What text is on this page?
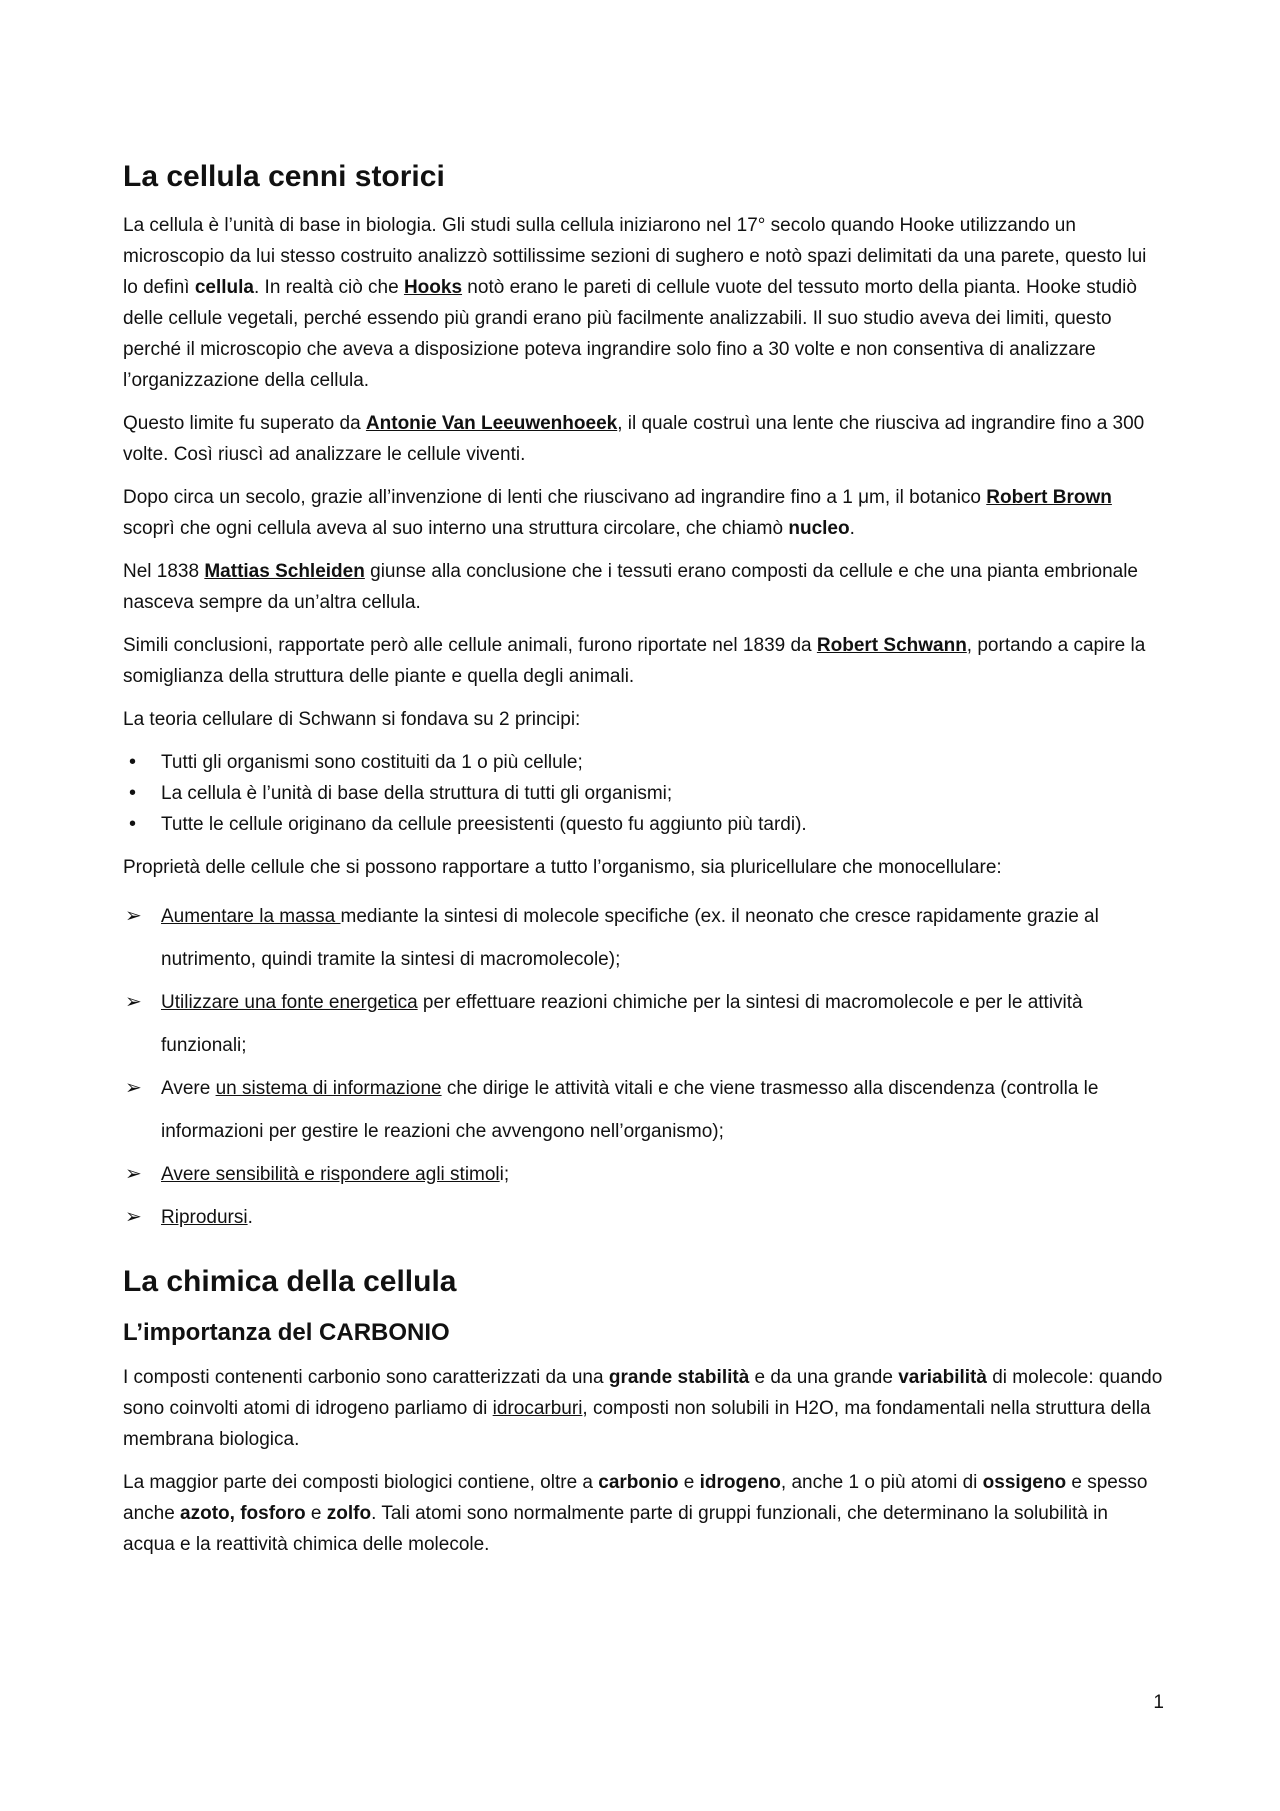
La cellula cenni storici

La cellula è l’unità di base in biologia. Gli studi sulla cellula iniziarono nel 17° secolo quando Hooke utilizzando un microscopio da lui stesso costruito analizzò sottilissime sezioni di sughero e notò spazi delimitati da una parete, questo lui lo definì cellula. In realtà ciò che Hooks notò erano le pareti di cellule vuote del tessuto morto della pianta. Hooke studiò delle cellule vegetali, perché essendo più grandi erano più facilmente analizzabili. Il suo studio aveva dei limiti, questo perché il microscopio che aveva a disposizione poteva ingrandire solo fino a 30 volte e non consentiva di analizzare l’organizzazione della cellula.

Questo limite fu superato da Antonie Van Leeuwenhoeek, il quale costruì una lente che riusciva ad ingrandire fino a 300 volte. Così riuscì ad analizzare le cellule viventi.

Dopo circa un secolo, grazie all’invenzione di lenti che riuscivano ad ingrandire fino a 1 μm, il botanico Robert Brown scoprì che ogni cellula aveva al suo interno una struttura circolare, che chiamò nucleo.

Nel 1838 Mattias Schleiden giunse alla conclusione che i tessuti erano composti da cellule e che una pianta embrionale nasceva sempre da un’altra cellula.

Simili conclusioni, rapportate però alle cellule animali, furono riportate nel 1839 da Robert Schwann, portando a capire la somiglianza della struttura delle piante e quella degli animali.

La teoria cellulare di Schwann si fondava su 2 principi:

• Tutti gli organismi sono costituiti da 1 o più cellule;
• La cellula è l’unità di base della struttura di tutti gli organismi;
• Tutte le cellule originano da cellule preesistenti (questo fu aggiunto più tardi).

Proprietà delle cellule che si possono rapportare a tutto l’organismo, sia pluricellulare che monocellulare:

➢ Aumentare la massa mediante la sintesi di molecole specifiche (ex. il neonato che cresce rapidamente grazie al nutrimento, quindi tramite la sintesi di macromolecole);
➢ Utilizzare una fonte energetica per effettuare reazioni chimiche per la sintesi di macromolecole e per le attività funzionali;
➢ Avere un sistema di informazione che dirige le attività vitali e che viene trasmesso alla discendenza (controlla le informazioni per gestire le reazioni che avvengono nell’organismo);
➢ Avere sensibilità e rispondere agli stimoli;
➢ Riprodursi.
La chimica della cellula
L’importanza del CARBONIO

I composti contenenti carbonio sono caratterizzati da una grande stabilità e da una grande variabilità di molecole: quando sono coinvolti atomi di idrogeno parliamo di idrocarburi, composti non solubili in H2O, ma fondamentali nella struttura della membrana biologica.

La maggior parte dei composti biologici contiene, oltre a carbonio e idrogeno, anche 1 o più atomi di ossigeno e spesso anche azoto, fosforo e zolfo. Tali atomi sono normalmente parte di gruppi funzionali, che determinano la solubilità in acqua e la reattività chimica delle molecole.

1
